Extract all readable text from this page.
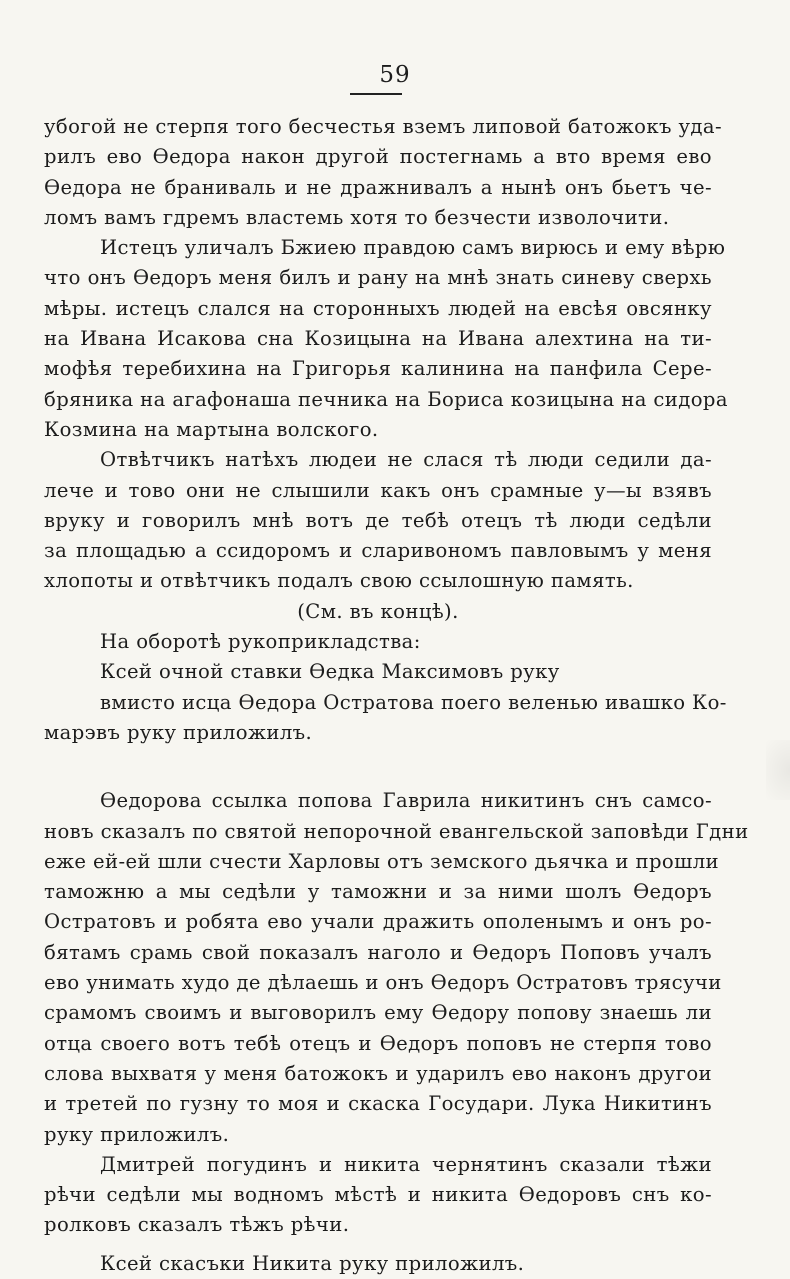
59
убогой не стерпя того бесчестья вземъ липовой батожокъ уда-
рилъ ево Ѳедора након другой постегнамь а вто время ево
Ѳедора не браниваль и не дражнивалъ а нынѣ онъ бьетъ че-
ломъ вамъ гдремъ властемь хотя то безчести изволочити.
Истецъ уличалъ Бжиею правдою самъ вирюсь и ему вѣрю
что онъ Ѳедоръ меня билъ и рану на мнѣ знать синеву сверхь
мѣры. истецъ слался на сторонныхъ людей на евсѣя овсянку
на Ивана Исакова сна Козицына на Ивана алехтина на ти-
мофѣя теребихина на Григорья калинина на панфила Сере-
бряника на агафонаша печника на Бориса козицына на сидора
Козмина на мартына волского.
Отвѣтчикъ натѣхъ людеи не слася тѣ люди седили да-
лече и тово они не слышили какъ онъ срамные у—ы взявъ
вруку и говорилъ мнѣ вотъ де тебѣ отецъ тѣ люди седѣли
за площадью а ссидоромъ и сларивономъ павловымъ у меня
хлопоты и отвѣтчикъ подалъ свою ссылошную память.
(См. въ концѣ).
На оборотѣ рукоприкладства:
Ксей очной ставки Ѳедка Максимовъ руку
вмисто исца Ѳедора Остратова поего веленью ивашко Ко-
марэвъ руку приложилъ.
Ѳедорова ссылка попова Гаврила никитинъ снъ самсо-
новъ сказалъ по святой непорочной евангельской заповѣди Гдни
еже ей-ей шли счести Харловы отъ земского дьячка и прошли
таможню а мы седѣли у таможни и за ними шолъ Ѳедоръ
Остратовъ и робята ево учали дражить ополенымъ и онъ ро-
бятамъ срамь свой показалъ наголо и Ѳедоръ Поповъ учалъ
ево унимать худо де дѣлаешь и онъ Ѳедоръ Остратовъ трясучи
срамомъ своимъ и выговорилъ ему Ѳедору попову знаешь ли
отца своего вотъ тебѣ отецъ и Ѳедоръ поповъ не стерпя тово
слова выхватя у меня батожокъ и ударилъ ево наконъ другои
и третей по гузну то моя и скаска Государи. Лука Никитинъ
руку приложилъ.
Дмитрей погудинъ и никита чернятинъ сказали тѣжи
рѣчи седѣли мы водномъ мѣстѣ и никита Ѳедоровъ снъ ко-
ролковъ сказалъ тѣжъ рѣчи.
Ксей скасъки Никита руку приложилъ.
